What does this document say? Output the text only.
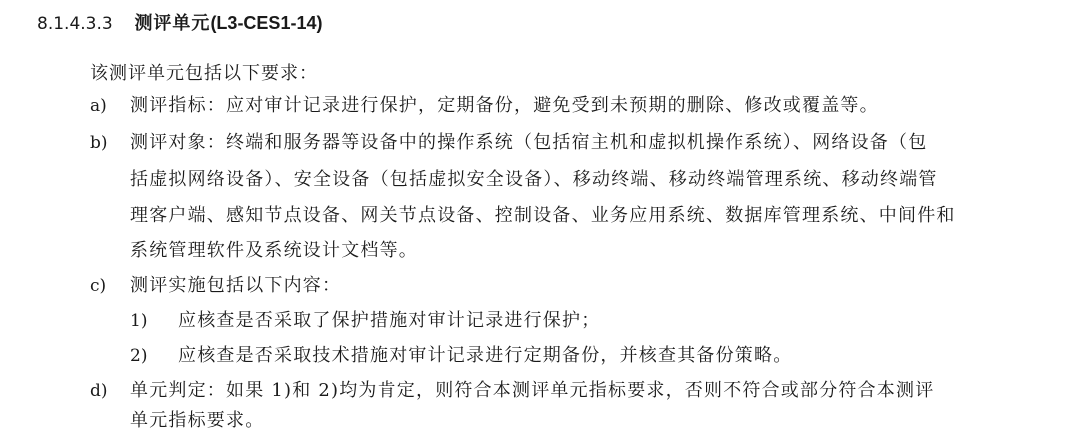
8.1.4.3.3 测评单元(L3-CES1-14)
该测评单元包括以下要求：
a)	测评指标：应对审计记录进行保护，定期备份，避免受到未预期的删除、修改或覆盖等。
b)	测评对象：终端和服务器等设备中的操作系统（包括宿主机和虚拟机操作系统）、网络设备（包
括虚拟网络设备）、安全设备（包括虚拟安全设备）、移动终端、移动终端管理系统、移动终端管
理客户端、感知节点设备、网关节点设备、控制设备、业务应用系统、数据库管理系统、中间件和
系统管理软件及系统设计文档等。
c)	测评实施包括以下内容：
1)	应核查是否采取了保护措施对审计记录进行保护；
2)	应核查是否采取技术措施对审计记录进行定期备份，并核查其备份策略。
d)	单元判定：如果 1)和 2)均为肯定，则符合本测评单元指标要求，否则不符合或部分符合本测评
单元指标要求。
